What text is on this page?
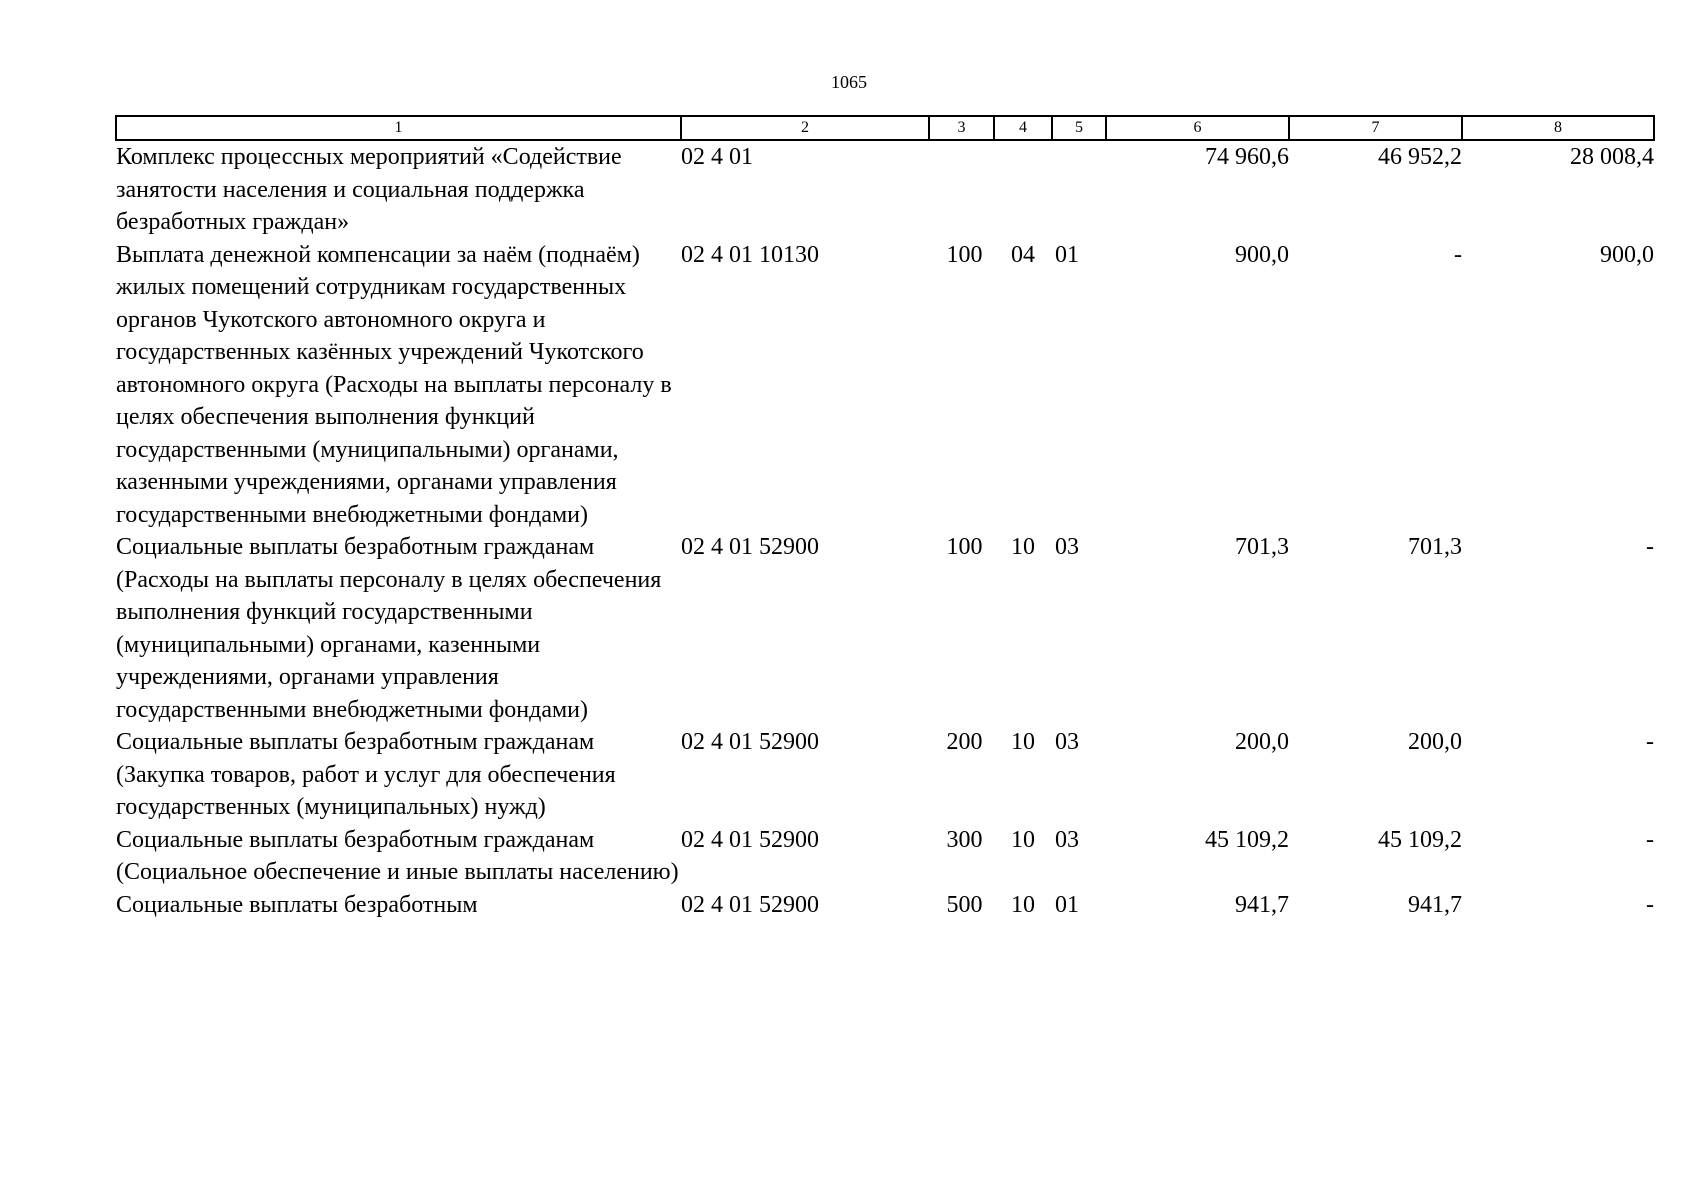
1065
1	2	3	4	5	6	7	8
Комплекс процессных мероприятий «Содействие занятости населения и социальная поддержка безработных граждан»	02 4 01				74 960,6	46 952,2	28 008,4
Выплата денежной компенсации за наём (поднаём) жилых помещений сотрудникам государственных органов Чукотского автономного округа и государственных казённых учреждений Чукотского автономного округа (Расходы на выплаты персоналу в целях обеспечения выполнения функций государственными (муниципальными) органами, казенными учреждениями, органами управления государственными внебюджетными фондами)	02 4 01 10130	100	04	01	900,0	-	900,0
Социальные выплаты безработным гражданам (Расходы на выплаты персоналу в целях обеспечения выполнения функций государственными (муниципальными) органами, казенными учреждениями, органами управления государственными внебюджетными фондами)	02 4 01 52900	100	10	03	701,3	701,3	-
Социальные выплаты безработным гражданам (Закупка товаров, работ и услуг для обеспечения государственных (муниципальных) нужд)	02 4 01 52900	200	10	03	200,0	200,0	-
Социальные выплаты безработным гражданам (Социальное обеспечение и иные выплаты населению)	02 4 01 52900	300	10	03	45 109,2	45 109,2	-
Социальные выплаты безработным	02 4 01 52900	500	10	01	941,7	941,7	-
